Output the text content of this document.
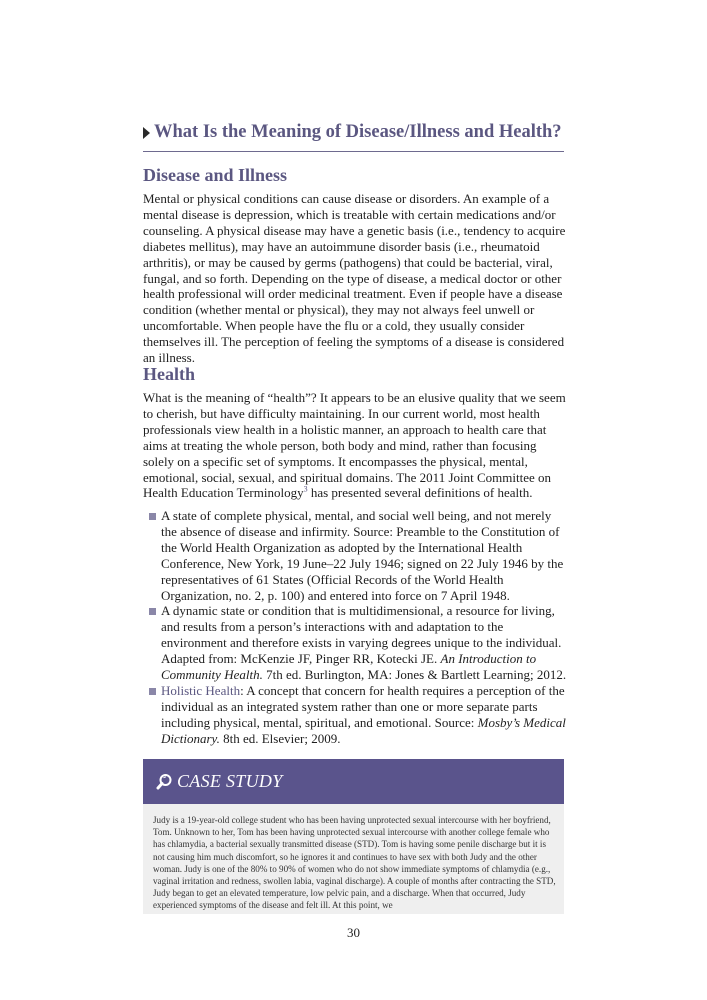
What Is the Meaning of Disease/Illness and Health?
Disease and Illness

Mental or physical conditions can cause disease or disorders. An example of a mental disease is depression, which is treatable with certain medications and/or counseling. A physical disease may have a genetic basis (i.e., tendency to acquire diabetes mellitus), may have an autoimmune disorder basis (i.e., rheumatoid arthritis), or may be caused by germs (pathogens) that could be bacterial, viral, fungal, and so forth. Depending on the type of disease, a medical doctor or other health professional will order medicinal treatment. Even if people have a disease condition (whether mental or physical), they may not always feel unwell or uncomfortable. When people have the flu or a cold, they usually consider themselves ill. The perception of feeling the symptoms of a disease is considered an illness.

Health

What is the meaning of “health”? It appears to be an elusive quality that we seem to cherish, but have difficulty maintaining. In our current world, most health professionals view health in a holistic manner, an approach to health care that aims at treating the whole person, both body and mind, rather than focusing solely on a specific set of symptoms. It encompasses the physical, mental, emotional, social, sexual, and spiritual domains. The 2011 Joint Committee on Health Education Terminology$^3$ has presented several definitions of health.

A state of complete physical, mental, and social well being, and not merely the absence of disease and infirmity. Source: Preamble to the Constitution of the World Health Organization as adopted by the International Health Conference, New York, 19 June–22 July 1946; signed on 22 July 1946 by the representatives of 61 States (Official Records of the World Health Organization, no. 2, p. 100) and entered into force on 7 April 1948.
A dynamic state or condition that is multidimensional, a resource for living, and results from a person’s interactions with and adaptation to the environment and therefore exists in varying degrees unique to the individual. Adapted from: McKenzie JF, Pinger RR, Kotecki JE. An Introduction to Community Health. 7th ed. Burlington, MA: Jones & Bartlett Learning; 2012.
Holistic Health: A concept that concern for health requires a perception of the individual as an integrated system rather than one or more separate parts including physical, mental, spiritual, and emotional. Source: Mosby’s Medical Dictionary. 8th ed. Elsevier; 2009.
CASE STUDY
Judy is a 19-year-old college student who has been having unprotected sexual intercourse with her boyfriend, Tom. Unknown to her, Tom has been having unprotected sexual intercourse with another college female who has chlamydia, a bacterial sexually transmitted disease (STD). Tom is having some penile discharge but it is not causing him much discomfort, so he ignores it and continues to have sex with both Judy and the other woman. Judy is one of the 80% to 90% of women who do not show immediate symptoms of chlamydia (e.g., vaginal irritation and redness, swollen labia, vaginal discharge). A couple of months after contracting the STD, Judy began to get an elevated temperature, low pelvic pain, and a discharge. When that occurred, Judy experienced symptoms of the disease and felt ill. At this point, we
30
